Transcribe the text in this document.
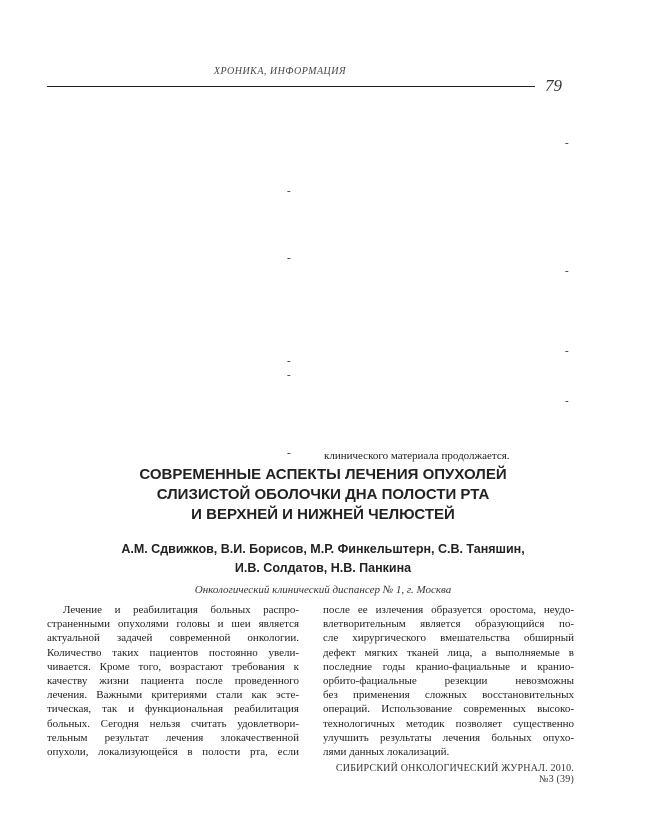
ХРОНИКА, ИНФОРМАЦИЯ
79
-
-
-
-
-
-
-
-
-	клинического материала продолжается.
СОВРЕМЕННЫЕ АСПЕКТЫ ЛЕЧЕНИЯ ОПУХОЛЕЙ
СЛИЗИСТОЙ ОБОЛОЧКИ ДНА ПОЛОСТИ РТА
И ВЕРХНЕЙ И НИЖНЕЙ ЧЕЛЮСТЕЙ
А.М. Сдвижков, В.И. Борисов, М.Р. Финкельштерн, С.В. Таняшин,
И.В. Солдатов, Н.В. Панкина
Онкологический клинический диспансер № 1, г. Москва
Лечение и реабилитация больных распро-
страненными опухолями головы и шеи является
актуальной задачей современной онкологии.
Количество таких пациентов постоянно увели-
чивается. Кроме того, возрастают требования к
качеству жизни пациента после проведенного
лечения. Важными критериями стали как эсте-
тическая, так и функциональная реабилитация
больных. Сегодня нельзя считать удовлетвори-
тельным результат лечения злокачественной
опухоли, локализующейся в полости рта, если
после ее излечения образуется оростома, неудо-
влетворительным является образующийся по-
сле хирургического вмешательства обширный
дефект мягких тканей лица, а выполняемые в
последние годы кранио-фациальные и кранио-
орбито-фациальные резекции невозможны
без применения сложных восстановительных
операций. Использование современных высоко-
технологичных методик позволяет существенно
улучшить результаты лечения больных опухо-
лями данных локализаций.
СИБИРСКИЙ ОНКОЛОГИЧЕСКИЙ ЖУРНАЛ. 2010. №3 (39)
